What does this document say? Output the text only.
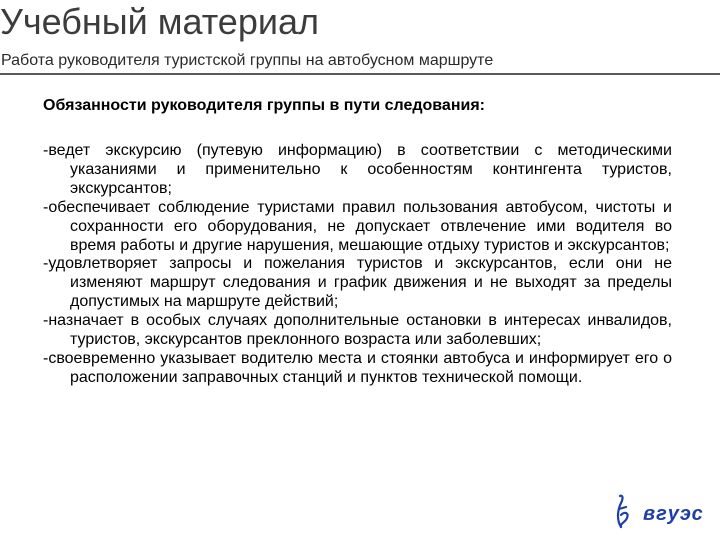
Учебный материал
Работа руководителя туристской группы на автобусном маршруте
Обязанности руководителя группы в пути следования:
-ведет экскурсию (путевую информацию) в соответствии с методическими указаниями и применительно к особенностям контингента туристов, экскурсантов;
-обеспечивает соблюдение туристами правил пользования автобусом, чистоты и сохранности его оборудования, не допускает отвлечение ими водителя во время работы и другие нарушения, мешающие отдыху туристов и экскурсантов;
-удовлетворяет запросы и пожелания туристов и экскурсантов, если они не изменяют маршрут следования и график движения и не выходят за пределы допустимых на маршруте действий;
-назначает в особых случаях дополнительные остановки в интересах инвалидов, туристов, экскурсантов преклонного возраста или заболевших;
-своевременно указывает водителю места и стоянки автобуса и информирует его о расположении заправочных станций и пунктов технической помощи.
вгуэс
